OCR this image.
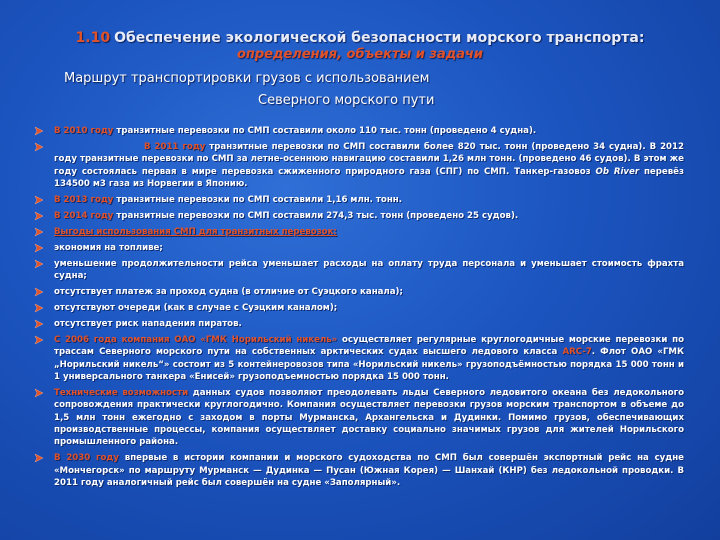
1.10 Обеспечение экологической безопасности морского транспорта:
определения, объекты и задачи
Маршрут транспортировки грузов с использованием
Северного морского пути
В 2010 году транзитные перевозки по СМП составили около 110 тыс. тонн (проведено 4 судна).
В 2011 году транзитные перевозки по СМП составили более 820 тыс. тонн (проведено 34 судна). В 2012 году транзитные перевозки по СМП за летне-осеннюю навигацию составили 1,26 млн тонн. (проведено 46 судов). В этом же году состоялась первая в мире перевозка сжиженного природного газа (СПГ) по СМП. Танкер-газовоз Ob River перевёз 134500 м3 газа из Норвегии в Японию.
В 2013 году транзитные перевозки по СМП составили 1,16 млн. тонн.
В 2014 году транзитные перевозки по СМП составили 274,3 тыс. тонн (проведено 25 судов).
Выгоды использования СМП для транзитных перевозок:
экономия на топливе;
уменьшение продолжительности рейса уменьшает расходы на оплату труда персонала и уменьшает стоимость фрахта судна;
отсутствует платеж за проход судна (в отличие от Суэцкого канала);
отсутствуют очереди (как в случае с Суэцким каналом);
отсутствует риск нападения пиратов.
С 2006 года компания ОАО «ГМК Норильский никель» осуществляет регулярные круглогодичные морские перевозки по трассам Северного морского пути на собственных арктических судах высшего ледового класса ARC-7. Флот ОАО «ГМК „Норильский никель“» состоит из 5 контейнеровозов типа «Норильский никель» грузоподъёмностью порядка 15 000 тонн и 1 универсального танкера «Енисей» грузоподъемностью порядка 15 000 тонн.
Технические возможности данных судов позволяют преодолевать льды Северного ледовитого океана без ледокольного сопровождения практически круглогодично. Компания осуществляет перевозки грузов морским транспортом в объеме до 1,5 млн тонн ежегодно с заходом в порты Мурманска, Архангельска и Дудинки. Помимо грузов, обеспечивающих производственные процессы, компания осуществляет доставку социально значимых грузов для жителей Норильского промышленного района.
В 2030 году впервые в истории компании и морского судоходства по СМП был совершён экспортный рейс на судне «Мончегорск» по маршруту Мурманск — Дудинка — Пусан (Южная Корея) — Шанхай (КНР) без ледокольной проводки. В 2011 году аналогичный рейс был совершён на судне «Заполярный».
